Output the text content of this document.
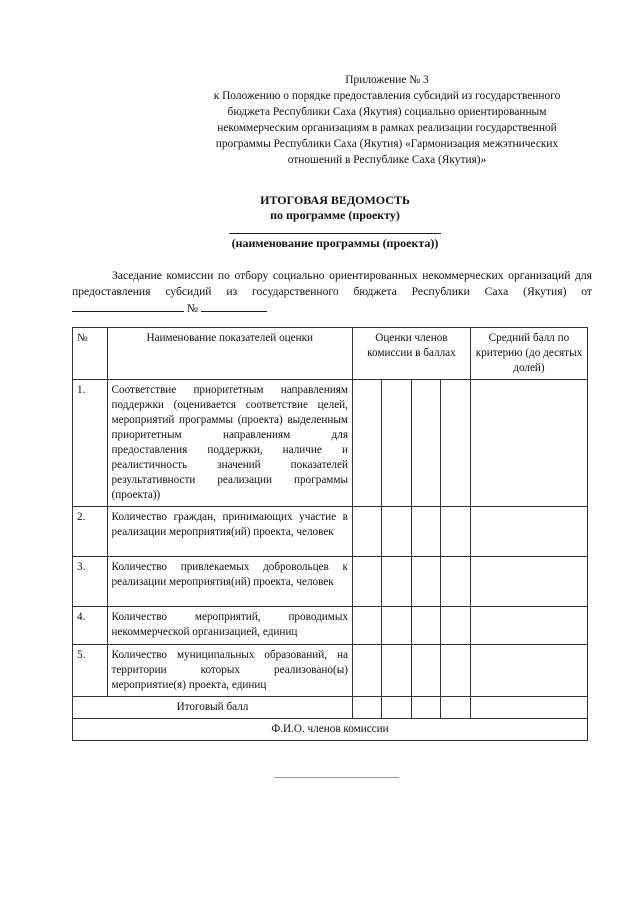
Приложение № 3
к Положению о порядке предоставления субсидий из государственного
бюджета Республики Саха (Якутия) социально ориентированным
некоммерческим организациям в рамках реализации государственной
программы Республики Саха (Якутия) «Гармонизация межэтнических
отношений в Республике Саха (Якутия)»
ИТОГОВАЯ ВЕДОМОСТЬ
по программе (проекту)
(наименование программы (проекта))
Заседание комиссии по отбору социально ориентированных некоммерческих организаций для предоставления субсидий из государственного бюджета Республики Саха (Якутия) от  №
№	Наименование показателей оценки	Оценки членов комиссии в баллах				Средний балл по критерию (до десятых долей)
1.	Соответствие приоритетным направлениям поддержки (оценивается соответствие целей, мероприятий программы (проекта) выделенным приоритетным направлениям для предоставления поддержки, наличие и реалистичность значений показателей результативности реализации программы (проекта))					
2.	Количество граждан, принимающих участие в реализации мероприятия(ий) проекта, человек					
3.	Количество привлекаемых добровольцев к реализации мероприятия(ий) проекта, человек					
4.	Количество мероприятий, проводимых некоммерческой организацией, единиц					
5.	Количество муниципальных образований, на территории которых реализовано(ы) мероприятие(я) проекта, единиц					
Итоговый балл						
Ф.И.О. членов комиссии						
